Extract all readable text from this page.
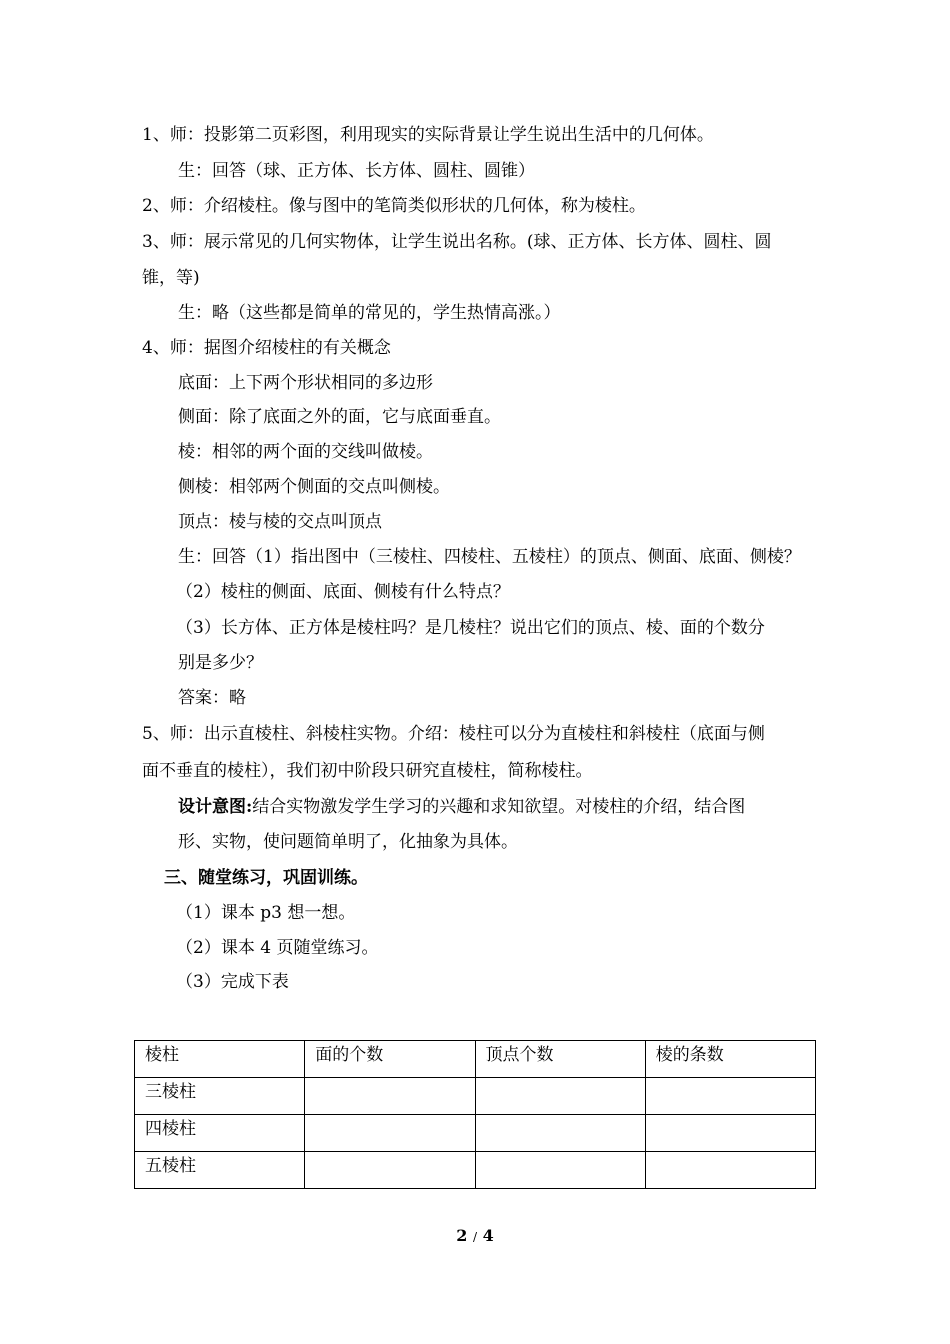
1、师：投影第二页彩图，利用现实的实际背景让学生说出生活中的几何体。
生：回答（球、正方体、长方体、圆柱、圆锥）
2、师：介绍棱柱。像与图中的笔筒类似形状的几何体，称为棱柱。
3、师：展示常见的几何实物体，让学生说出名称。(球、正方体、长方体、圆柱、圆
锥，等)
生：略（这些都是简单的常见的，学生热情高涨。）
4、师：据图介绍棱柱的有关概念
底面：上下两个形状相同的多边形
侧面：除了底面之外的面，它与底面垂直。
棱：相邻的两个面的交线叫做棱。
侧棱：相邻两个侧面的交点叫侧棱。
顶点：棱与棱的交点叫顶点
生：回答（1）指出图中（三棱柱、四棱柱、五棱柱）的顶点、侧面、底面、侧棱？
（2）棱柱的侧面、底面、侧棱有什么特点？
（3）长方体、正方体是棱柱吗？是几棱柱？说出它们的顶点、棱、面的个数分
别是多少？
答案：略
5、师：出示直棱柱、斜棱柱实物。介绍：棱柱可以分为直棱柱和斜棱柱（底面与侧
面不垂直的棱柱），我们初中阶段只研究直棱柱，简称棱柱。
设计意图:结合实物激发学生学习的兴趣和求知欲望。对棱柱的介绍，结合图
形、实物，使问题简单明了，化抽象为具体。
三、随堂练习，巩固训练。
（1）课本 p3 想一想。
（2）课本 4 页随堂练习。
（3）完成下表
棱柱	面的个数	顶点个数	棱的条数
三棱柱			
四棱柱			
五棱柱			
2 / 4
